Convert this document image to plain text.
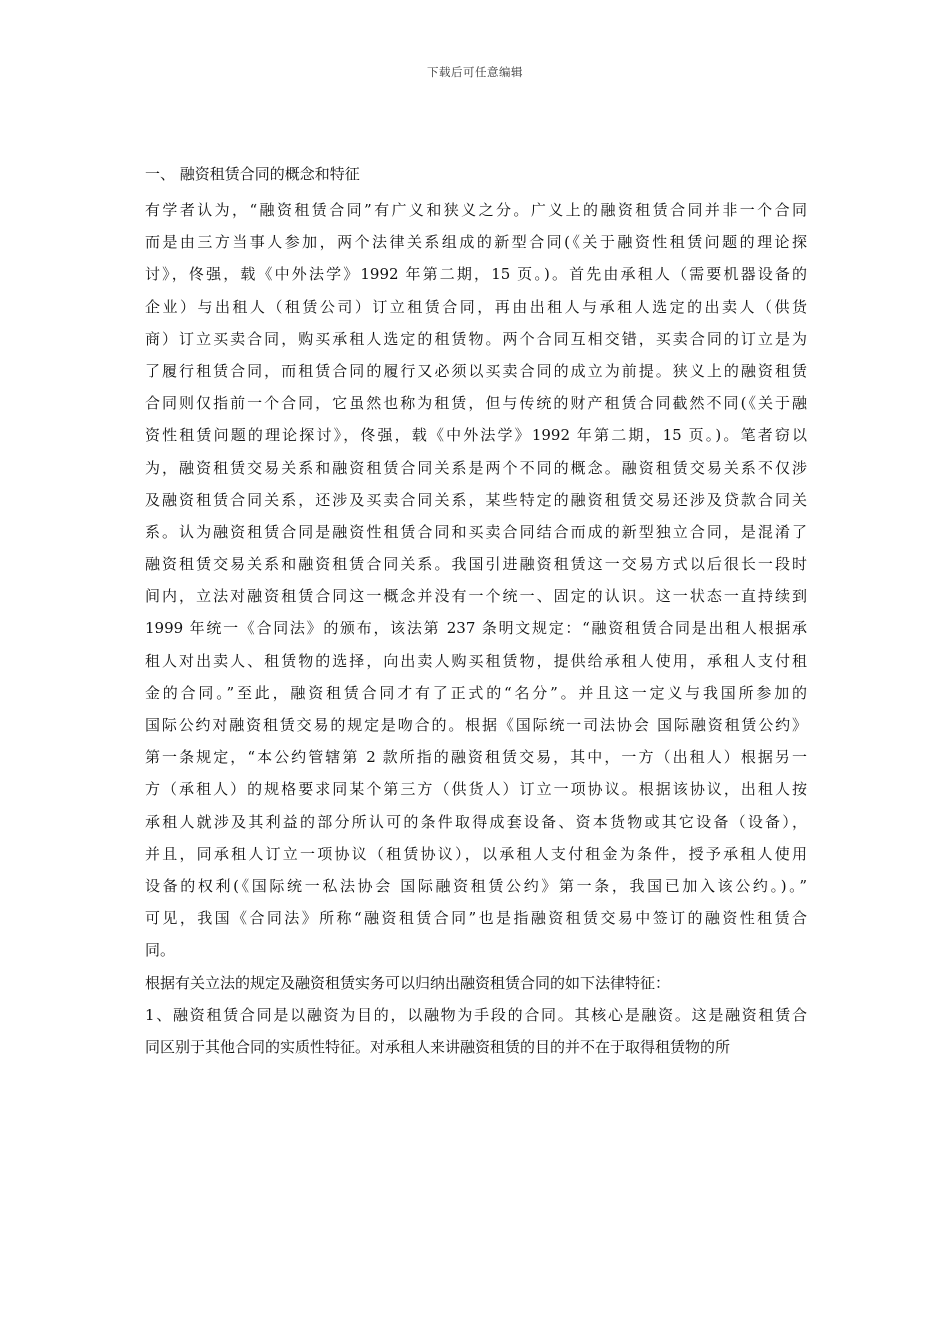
下载后可任意编辑
一、 融资租赁合同的概念和特征
有学者认为，“融资租赁合同”有广义和狭义之分。广义上的融资租赁合同并非一个合同
而是由三方当事人参加，两个法律关系组成的新型合同(《关于融资性租赁问题的理论探
讨》，佟强，载《中外法学》1992 年第二期，15 页。)。首先由承租人（需要机器设备的
企业）与出租人（租赁公司）订立租赁合同，再由出租人与承租人选定的出卖人（供货
商）订立买卖合同，购买承租人选定的租赁物。两个合同互相交错，买卖合同的订立是为
了履行租赁合同，而租赁合同的履行又必须以买卖合同的成立为前提。狭义上的融资租赁
合同则仅指前一个合同，它虽然也称为租赁，但与传统的财产租赁合同截然不同(《关于融
资性租赁问题的理论探讨》，佟强，载《中外法学》1992 年第二期，15 页。)。笔者窃以
为，融资租赁交易关系和融资租赁合同关系是两个不同的概念。融资租赁交易关系不仅涉
及融资租赁合同关系，还涉及买卖合同关系，某些特定的融资租赁交易还涉及贷款合同关
系。认为融资租赁合同是融资性租赁合同和买卖合同结合而成的新型独立合同，是混淆了
融资租赁交易关系和融资租赁合同关系。我国引进融资租赁这一交易方式以后很长一段时
间内，立法对融资租赁合同这一概念并没有一个统一、固定的认识。这一状态一直持续到
1999 年统一《合同法》的颁布，该法第 237 条明文规定：“融资租赁合同是出租人根据承
租人对出卖人、租赁物的选择，向出卖人购买租赁物，提供给承租人使用，承租人支付租
金的合同。”至此，融资租赁合同才有了正式的“名分”。并且这一定义与我国所参加的
国际公约对融资租赁交易的规定是吻合的。根据《国际统一司法协会 国际融资租赁公约》
第一条规定，“本公约管辖第 2 款所指的融资租赁交易，其中，一方（出租人）根据另一
方（承租人）的规格要求同某个第三方（供货人）订立一项协议。根据该协议，出租人按
承租人就涉及其利益的部分所认可的条件取得成套设备、资本货物或其它设备（设备），
并且，同承租人订立一项协议（租赁协议），以承租人支付租金为条件，授予承租人使用
设备的权利(《国际统一私法协会 国际融资租赁公约》第一条，我国已加入该公约。)。”
可见，我国《合同法》所称“融资租赁合同”也是指融资租赁交易中签订的融资性租赁合
同。
根据有关立法的规定及融资租赁实务可以归纳出融资租赁合同的如下法律特征：
1、融资租赁合同是以融资为目的，以融物为手段的合同。其核心是融资。这是融资租赁合
同区别于其他合同的实质性特征。对承租人来讲融资租赁的目的并不在于取得租赁物的所
